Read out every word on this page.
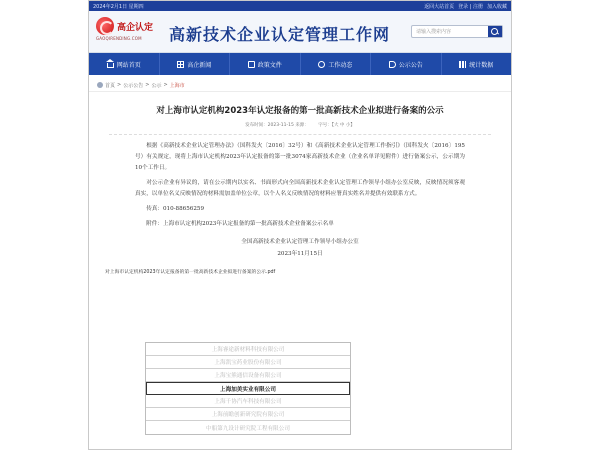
2024年2月1日 星期四	返回大站首页 登录 | 注册 加入收藏
高企认定
GAOQIRENDING.COM 高新技术企业认定管理工作网	请输入搜索内容
网站首页	高企新闻	政策文件	工作动态	公示公告	统计数据
首页 > 公示公告 > 公示 > 上海市
对上海市认定机构2023年认定报备的第一批高新技术企业拟进行备案的公示
发布时间：2023-11-15 来源： 字号：【大 中 小】

根据《高新技术企业认定管理办法》（国科发火〔2016〕32号）和《高新技术企业认定管理工作指引》（国科发火〔2016〕195号）有关规定，现将上海市认定机构2023年认定报备的第一批3074家高新技术企业（企业名单详见附件）进行备案公示，公示期为10个工作日。

对公示企业有异议的，请在公示期内以实名、书面形式向全国高新技术企业认定管理工作领导小组办公室反映，反映情况须客观真实，以单位名义反映情况的材料需加盖单位公章，以个人名义反映情况的材料应署真实姓名并提供有效联系方式。

传真：010-88656259

附件：上海市认定机构2023年认定报备的第一批高新技术企业备案公示名单

全国高新技术企业认定管理工作领导小组办公室
2023年11月15日
对上海市认定机构2023年认定报备的第一批高新技术企业拟进行备案的公示.pdf
上海睿途新材料科技有限公司
上海凯宝药业股份有限公司
上海宝熊通信设备有限公司
上海加美实业有限公司
上海千协汽车科技有限公司
上海前瞻创新研究院有限公司
中船第九设计研究院工程有限公司
